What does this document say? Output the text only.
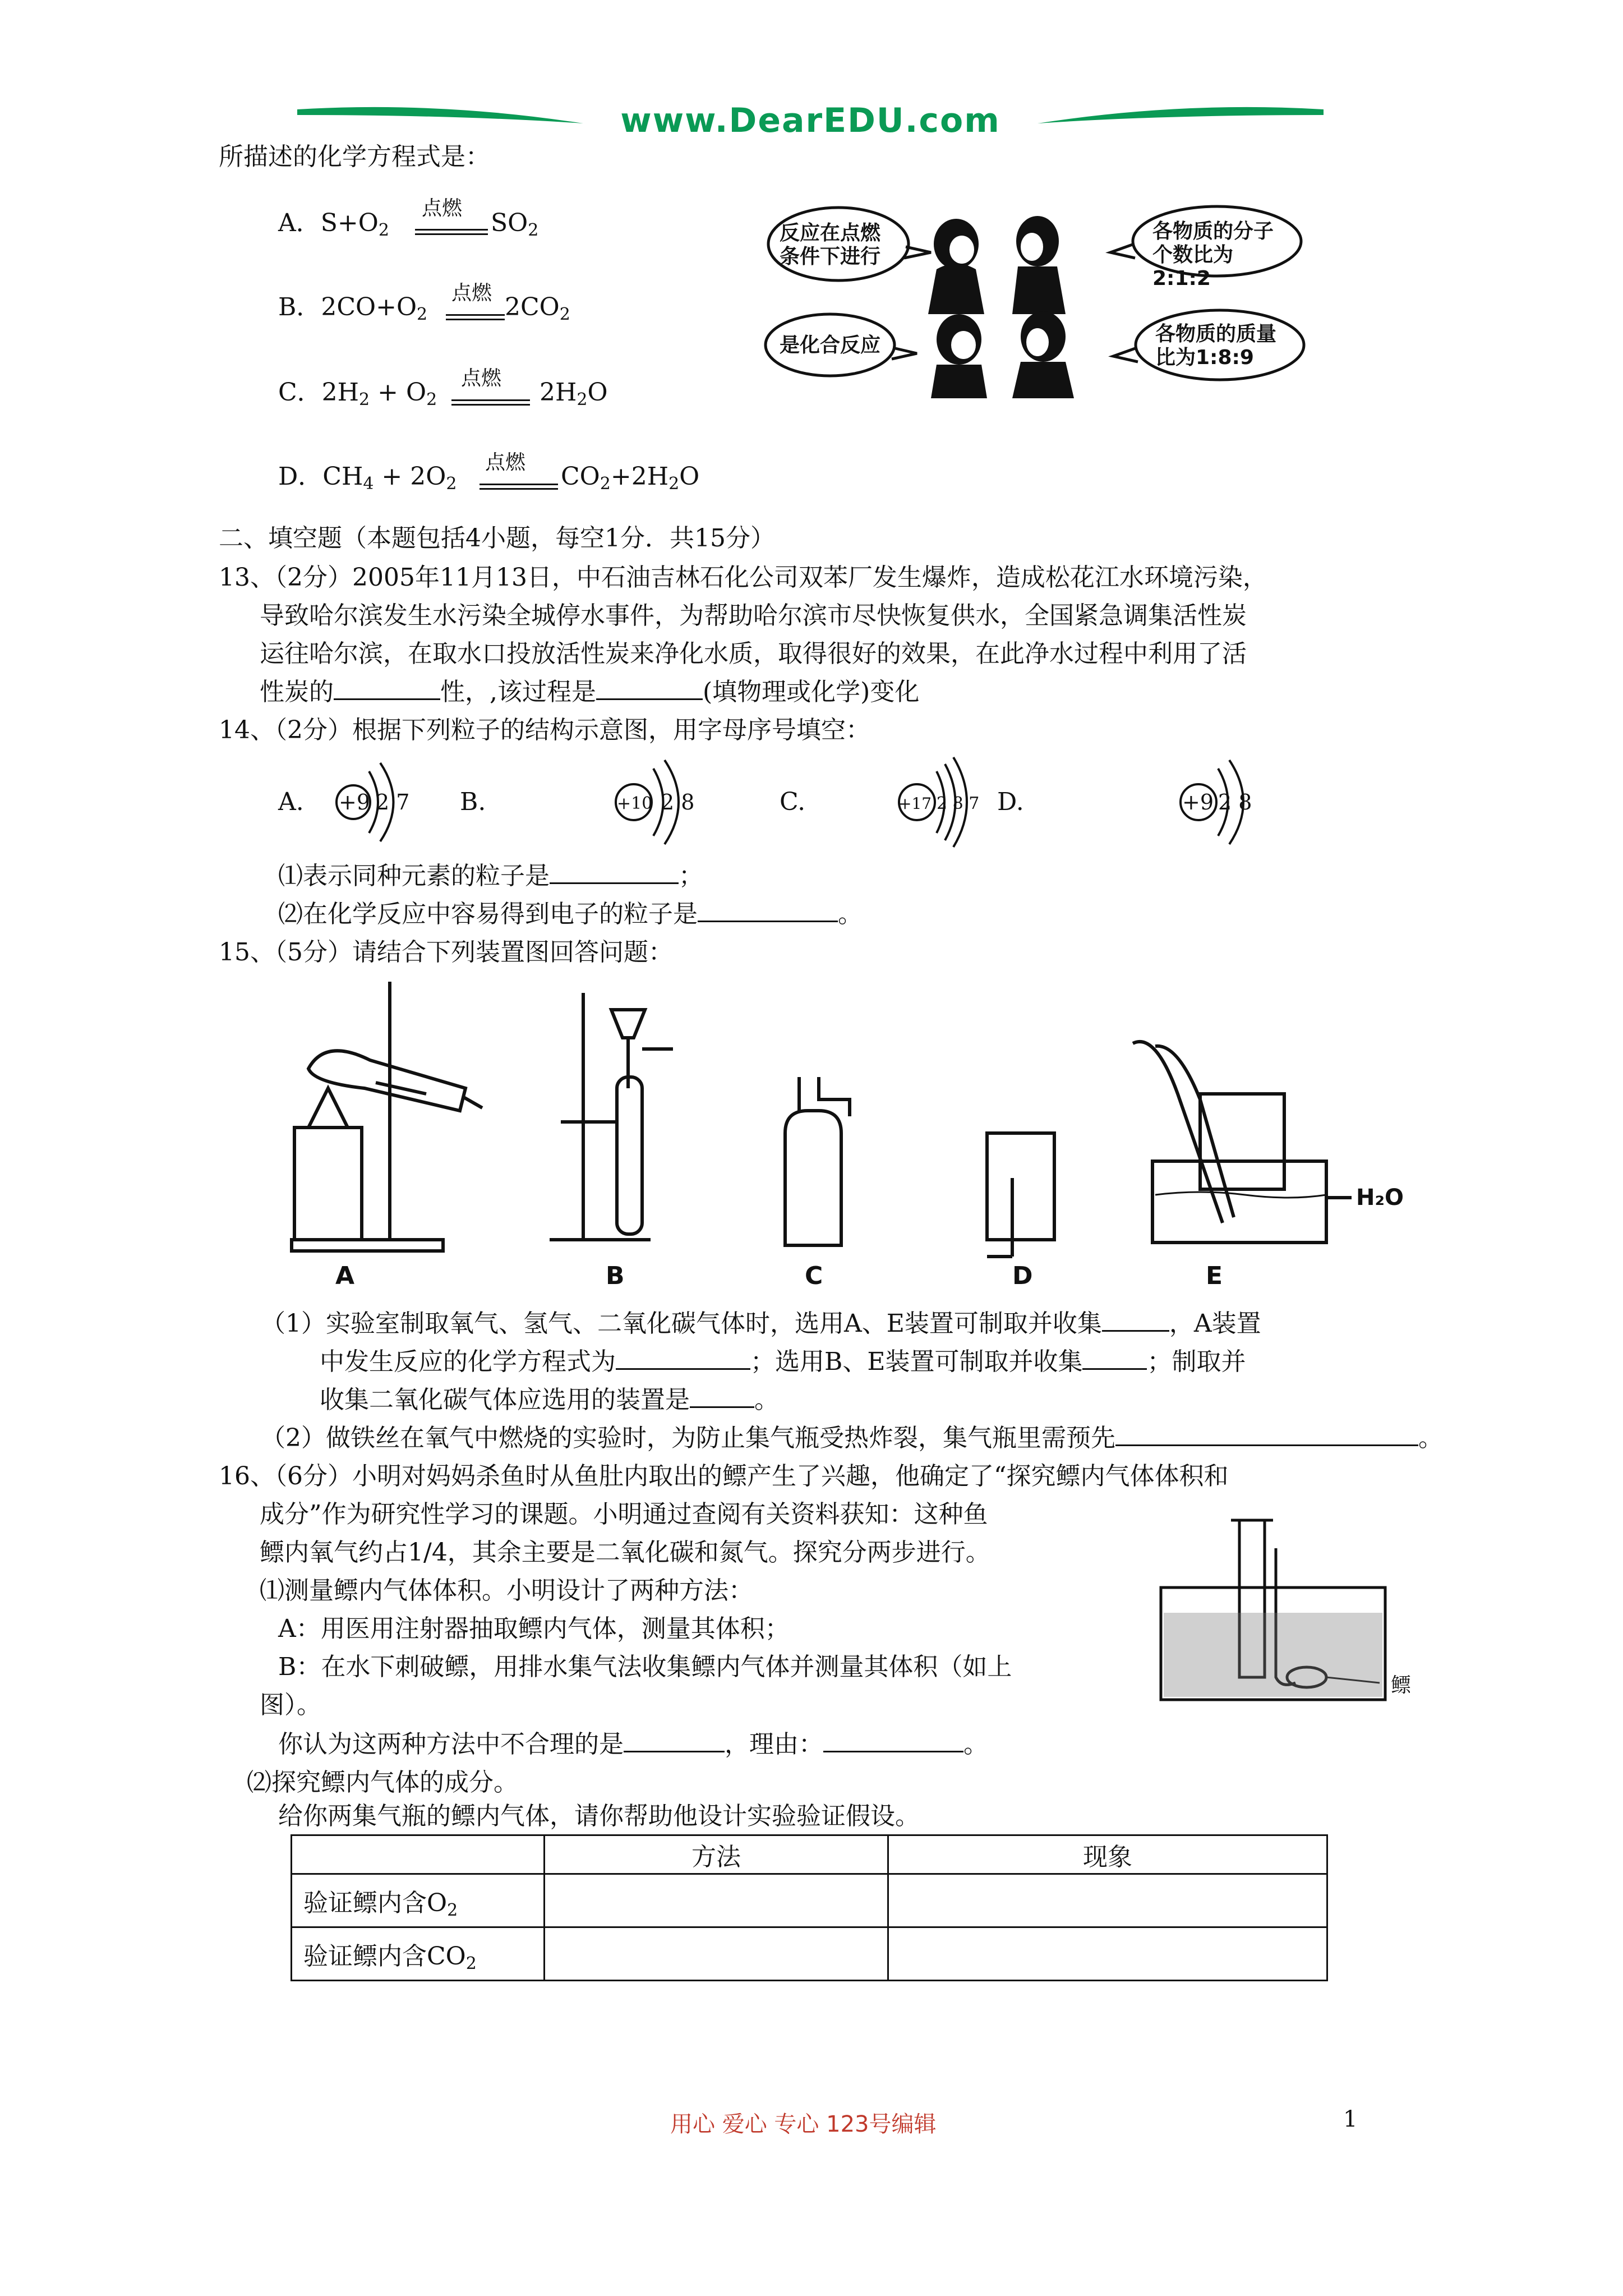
www.DearEDU.com
所描述的化学方程式是：
A．$S+O_2$
点燃
$SO_2$
B．$2CO+O_2$
点燃 $2CO_2$
C．$2H_2 + O_2$
点燃 $2H_2O$
D．$CH_4 + 2O_2$
点燃 $CO_2+2H_2O$
反应在点燃条件下进行
各物质的分子个数比为2:1:2
是化合反应	各物质的质量比为1:8:9
二、填空题（本题包括4小题，每空1分．共15分）
13、（2分）2005年11月13日，中石油吉林石化公司双苯厂发生爆炸，造成松花江水环境污染，
导致哈尔滨发生水污染全城停水事件，为帮助哈尔滨市尽快恢复供水，全国紧急调集活性炭
运往哈尔滨，在取水口投放活性炭来净化水质，取得很好的效果，在此净水过程中利用了活
性炭的	性，,该过程是	(填物理或化学)变化
14、（2分）根据下列粒子的结构示意图，用字母序号填空：
A.	B.	C.	D.
+9 2 7	+10 2 8	+17 2 8 7	+9 2 8
⑴表示同种元素的粒子是	；
⑵在化学反应中容易得到电子的粒子是	。
15、（5分）请结合下列装置图回答问题：
A	B	C	D	E
H₂O
（1）实验室制取氧气、氢气、二氧化碳气体时，选用A、E装置可制取并收集	，A装置
中发生反应的化学方程式为	；选用B、E装置可制取并收集	；制取并
收集二氧化碳气体应选用的装置是	。
（2）做铁丝在氧气中燃烧的实验时，为防止集气瓶受热炸裂，集气瓶里需预先	。
16、（6分）小明对妈妈杀鱼时从鱼肚内取出的鳔产生了兴趣，他确定了“探究鳔内气体体积和
成分”作为研究性学习的课题。小明通过查阅有关资料获知：这种鱼
鳔内氧气约占1/4，其余主要是二氧化碳和氮气。探究分两步进行。
⑴测量鳔内气体体积。小明设计了两种方法：
A：用医用注射器抽取鳔内气体，测量其体积；
B：在水下刺破鳔，用排水集气法收集鳔内气体并测量其体积（如上
图）。
鳔
你认为这两种方法中不合理的是	，理由：	。
⑵探究鳔内气体的成分。
给你两集气瓶的鳔内气体，请你帮助他设计实验验证假设。
	方法	现象
验证鳔内含$O_2$		
验证鳔内含$CO_2$		
用心 爱心 专心 123号编辑	1
